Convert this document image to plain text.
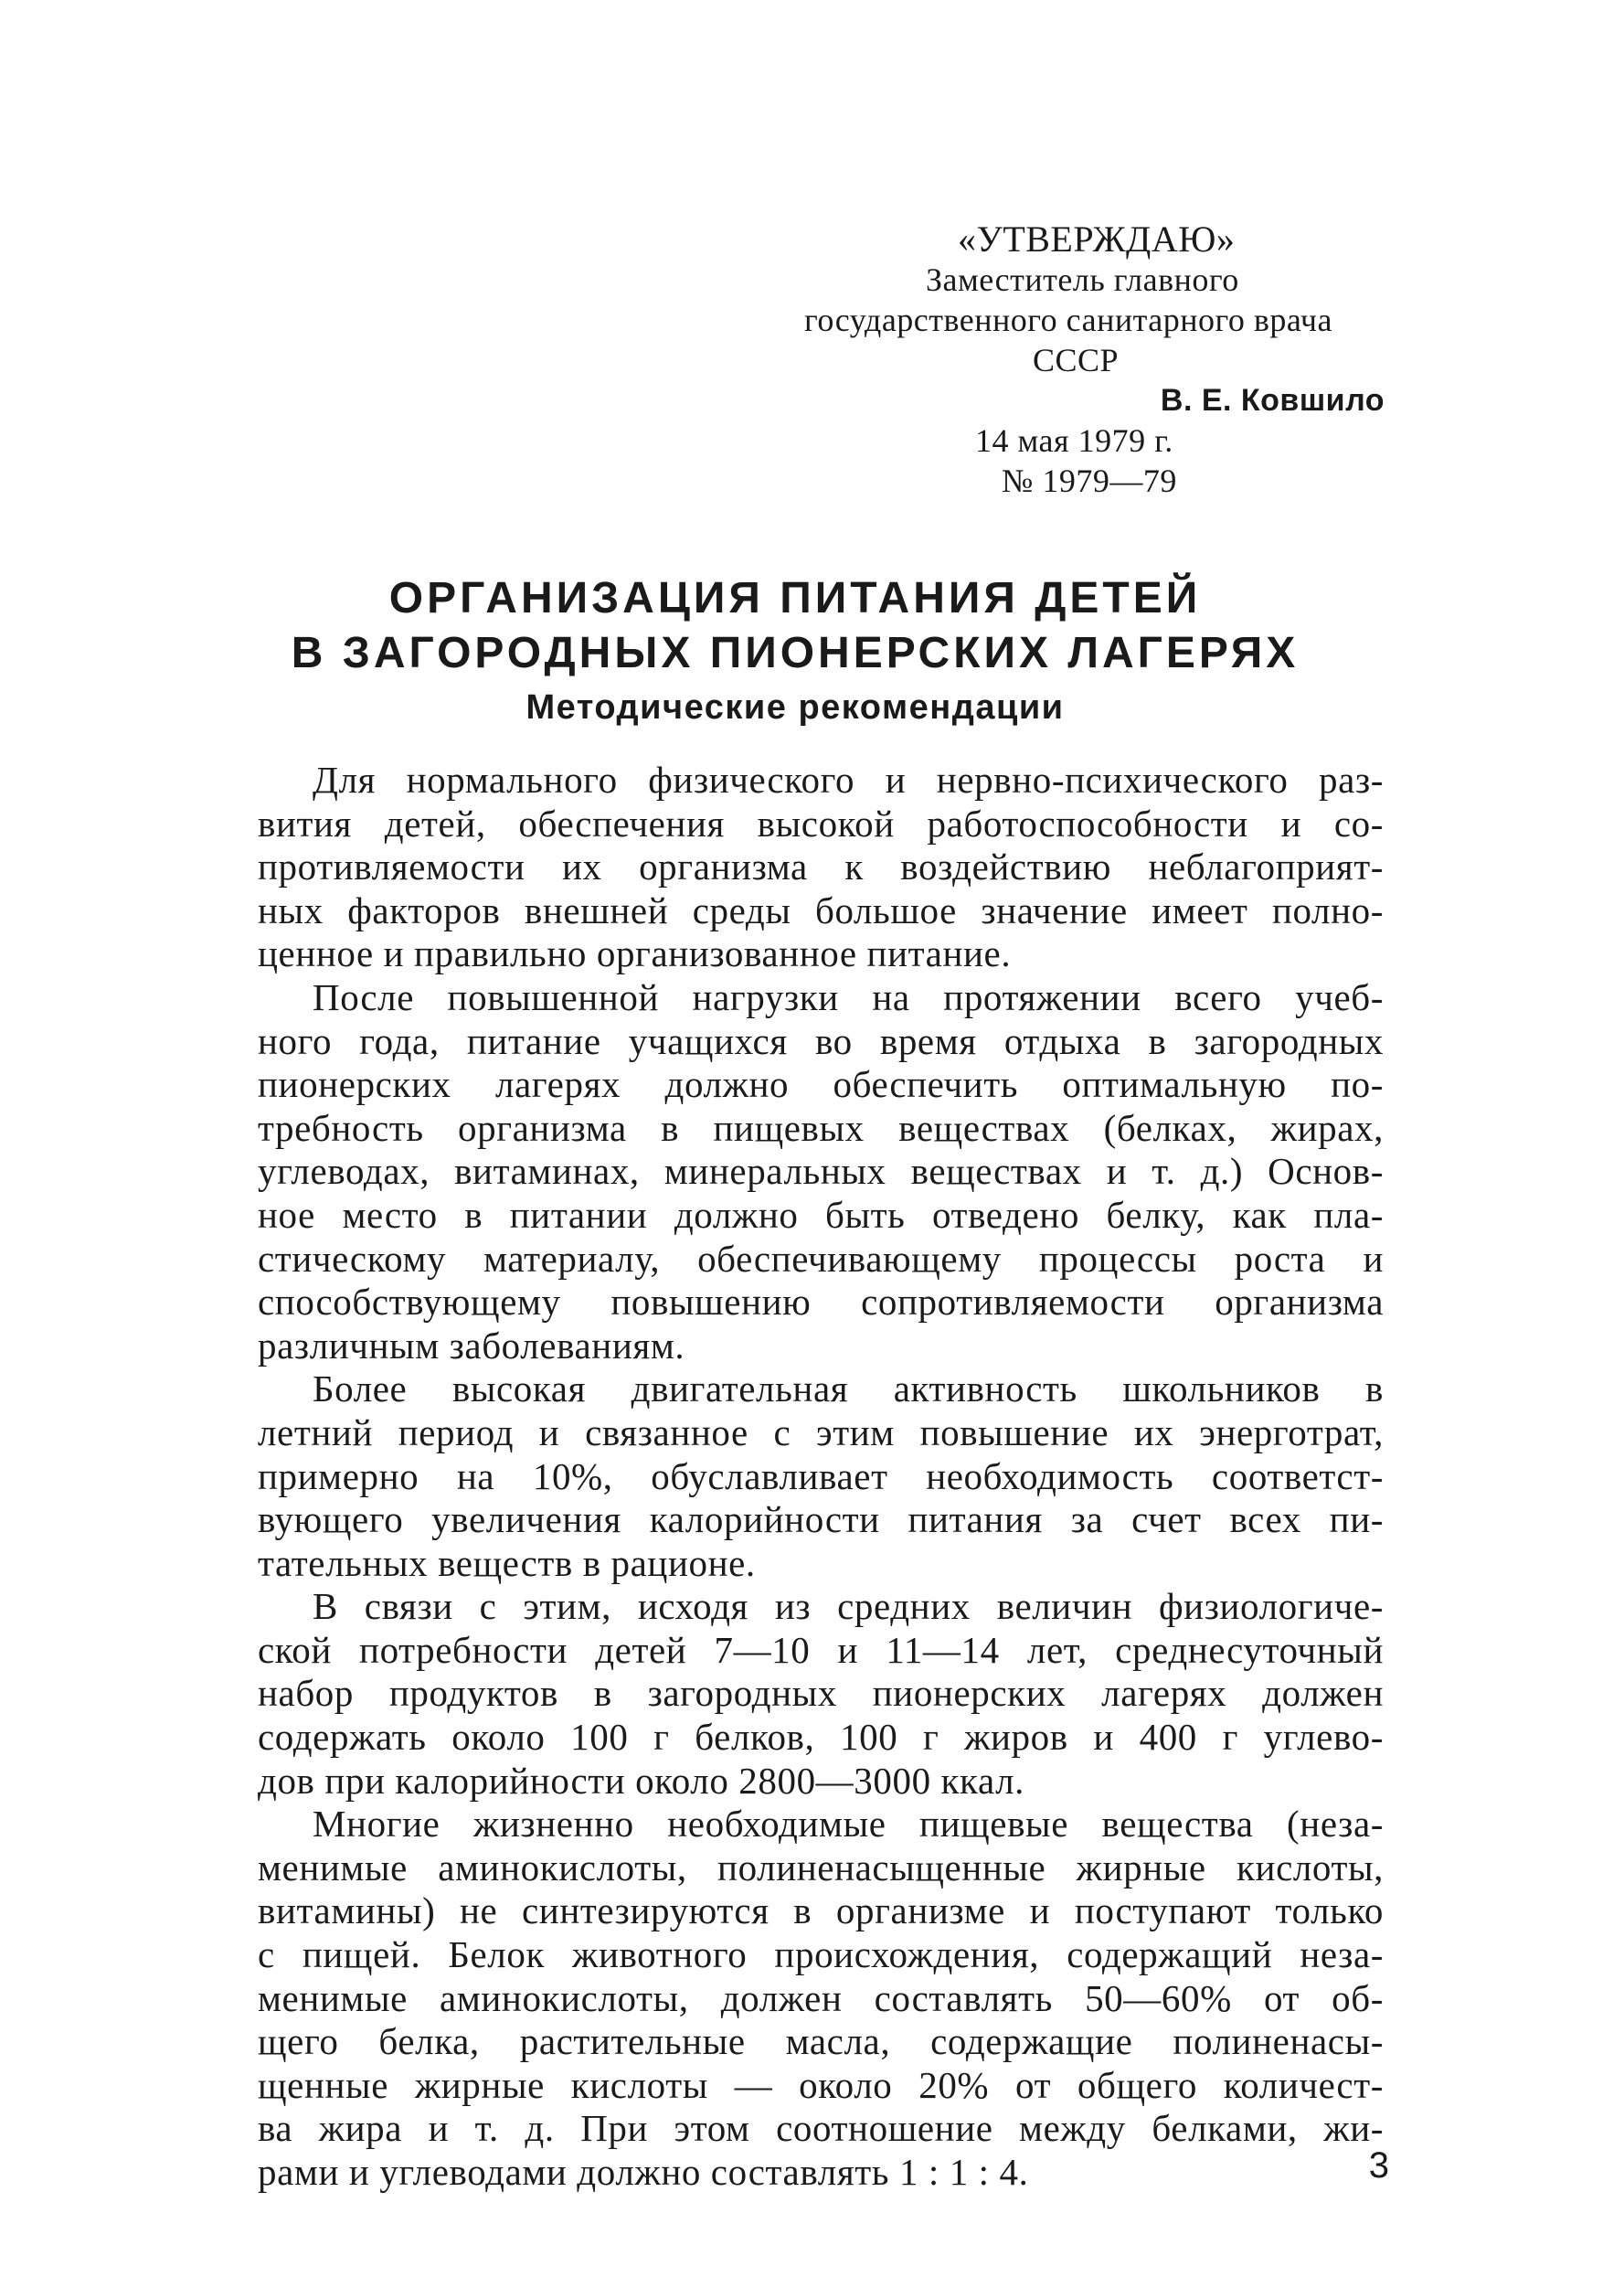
«УТВЕРЖДАЮ»
Заместитель главного
государственного санитарного врача
СССР
В. Е. Ковшило
14 мая 1979 г.
№ 1979—79
ОРГАНИЗАЦИЯ ПИТАНИЯ ДЕТЕЙ
В ЗАГОРОДНЫХ ПИОНЕРСКИХ ЛАГЕРЯХ
Методические рекомендации
Для нормального физического и нервно-психического раз-
вития детей, обеспечения высокой работоспособности и со-
противляемости их организма к воздействию неблагоприят-
ных факторов внешней среды большое значение имеет полно-
ценное и правильно организованное питание.
После повышенной нагрузки на протяжении всего учеб-
ного года, питание учащихся во время отдыха в загородных
пионерских лагерях должно обеспечить оптимальную по-
требность организма в пищевых веществах (белках, жирах,
углеводах, витаминах, минеральных веществах и т. д.) Основ-
ное место в питании должно быть отведено белку, как пла-
стическому материалу, обеспечивающему процессы роста и
способствующему повышению сопротивляемости организма
различным заболеваниям.
Более высокая двигательная активность школьников в
летний период и связанное с этим повышение их энерготрат,
примерно на 10%, обуславливает необходимость соответст-
вующего увеличения калорийности питания за счет всех пи-
тательных веществ в рационе.
В связи с этим, исходя из средних величин физиологиче-
ской потребности детей 7—10 и 11—14 лет, среднесуточный
набор продуктов в загородных пионерских лагерях должен
содержать около 100 г белков, 100 г жиров и 400 г углево-
дов при калорийности около 2800—3000 ккал.
Многие жизненно необходимые пищевые вещества (неза-
менимые аминокислоты, полиненасыщенные жирные кислоты,
витамины) не синтезируются в организме и поступают только
с пищей. Белок животного происхождения, содержащий неза-
менимые аминокислоты, должен составлять 50—60% от об-
щего белка, растительные масла, содержащие полиненасы-
щенные жирные кислоты — около 20% от общего количест-
ва жира и т. д. При этом соотношение между белками, жи-
рами и углеводами должно составлять 1 : 1 : 4.	3
